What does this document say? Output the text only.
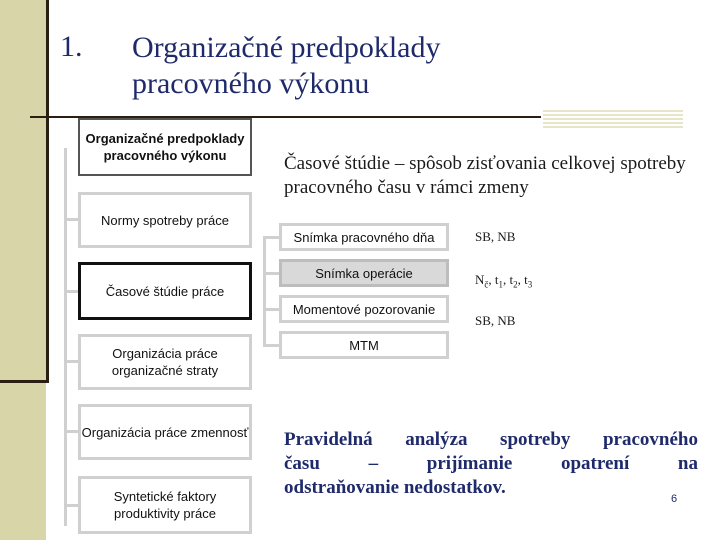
1. Organizačné predpoklady
pracovného výkonu
Organizačné predpoklady pracovného výkonu
Normy spotreby práce
Časové štúdie práce
Organizácia práce organizačné straty
Organizácia práce zmennosť
Syntetické faktory produktivity práce
Časové štúdie – spôsob zisťovania celkovej spotreby pracovného času v rámci zmeny
Snímka pracovného dňa
Snímka operácie
Momentové pozorovanie
MTM
SB, NB
$N_č$, $t_1$, $t_2$, $t_3$
SB, NB
Pravidelná analýza spotreby pracovného
času – prijímanie opatrení na
odstraňovanie nedostatkov.
6
